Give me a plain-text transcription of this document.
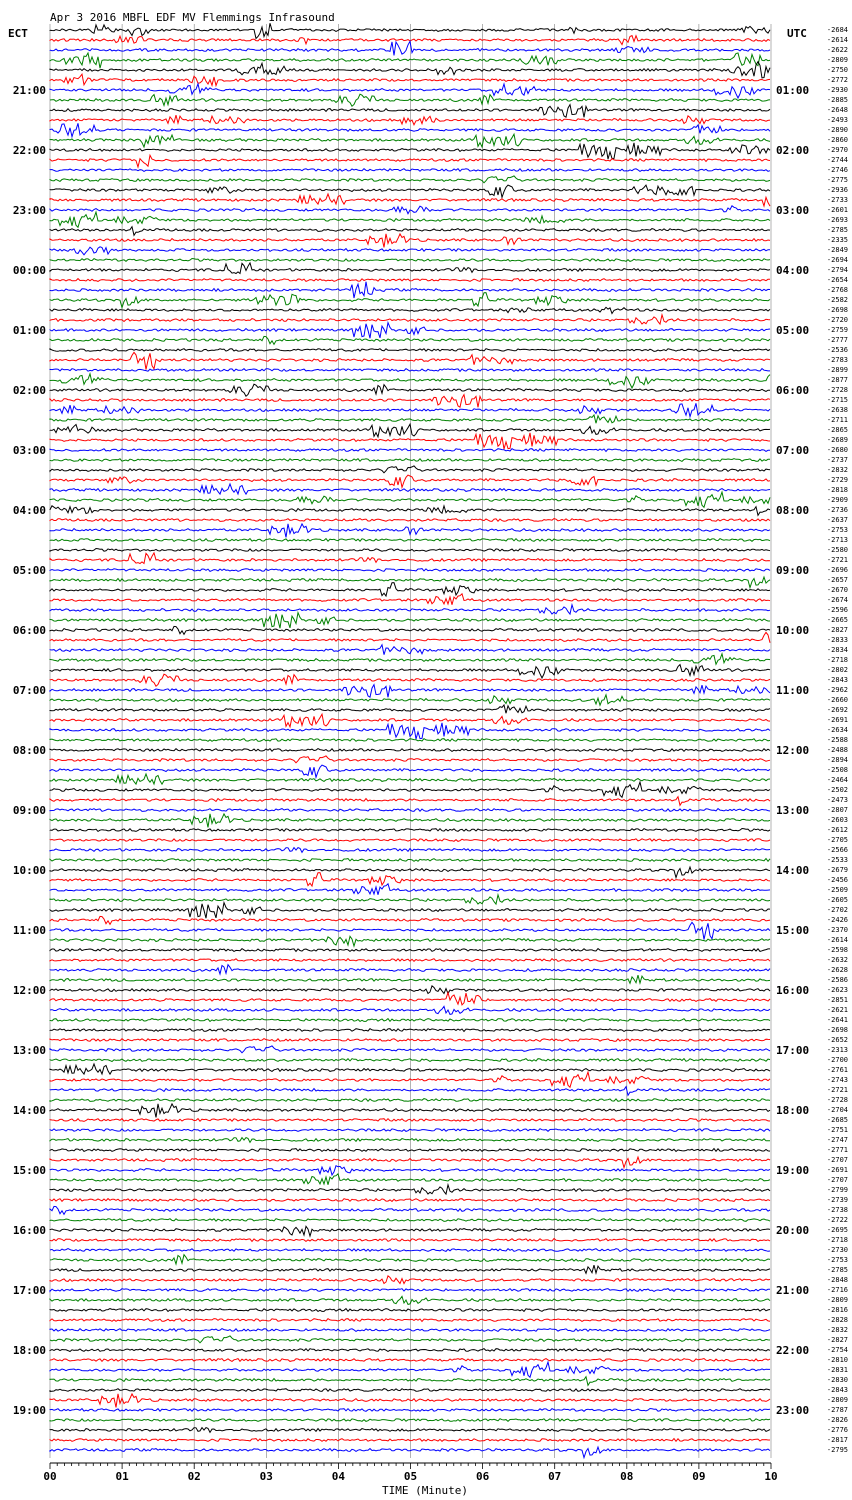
Apr 3 2016 MBFL EDF MV Flemmings Infrasound
ECT	UTC
21:00
22:00
23:00
00:00
01:00
02:00
03:00
04:00
05:00
06:00
07:00
08:00
09:00
10:00
11:00
12:00
13:00
14:00
15:00
16:00
17:00
18:00
19:00
01:00
02:00
03:00
04:00
05:00
06:00
07:00
08:00
09:00
10:00
11:00
12:00
13:00
14:00
15:00
16:00
17:00
18:00
19:00
20:00
21:00
22:00
23:00
-2684
-2614
-2622
-2809
-2750
-2772
-2930
-2885
-2648
-2493
-2890
-2860
-2970
-2744
-2746
-2775
-2936
-2733
-2601
-2693
-2785
-2335
-2849
-2694
-2794
-2654
-2768
-2582
-2698
-2720
-2759
-2777
-2536
-2783
-2899
-2877
-2728
-2715
-2638
-2711
-2865
-2689
-2680
-2737
-2832
-2729
-2818
-2909
-2736
-2637
-2753
-2713
-2580
-2721
-2696
-2657
-2670
-2674
-2596
-2665
-2827
-2833
-2834
-2718
-2802
-2843
-2962
-2660
-2692
-2691
-2634
-2588
-2488
-2894
-2508
-2464
-2502
-2473
-2807
-2603
-2612
-2705
-2566
-2533
-2679
-2456
-2509
-2605
-2702
-2426
-2370
-2614
-2598
-2632
-2628
-2586
-2623
-2851
-2621
-2641
-2698
-2652
-2313
-2700
-2761
-2743
-2721
-2728
-2704
-2685
-2751
-2747
-2771
-2707
-2691
-2707
-2799
-2739
-2738
-2722
-2695
-2718
-2730
-2753
-2785
-2848
-2716
-2809
-2816
-2828
-2832
-2827
-2754
-2810
-2831
-2830
-2843
-2809
-2787
-2826
-2776
-2817
-2795
00	01	02	03	04	05	06	07	08	09	10
TIME (Minute)
